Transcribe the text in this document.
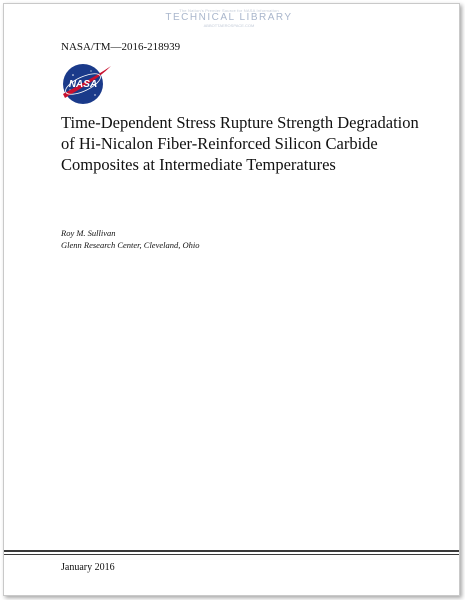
The Nation's Premier Source for NASA Information
TECHNICAL LIBRARY
ABBOTTAEROSPACE.COM
NASA/TM—2016-218939
NASA
Time-Dependent Stress Rupture Strength Degradation
of Hi-Nicalon Fiber-Reinforced Silicon Carbide
Composites at Intermediate Temperatures
Roy M. Sullivan
Glenn Research Center, Cleveland, Ohio
January 2016
